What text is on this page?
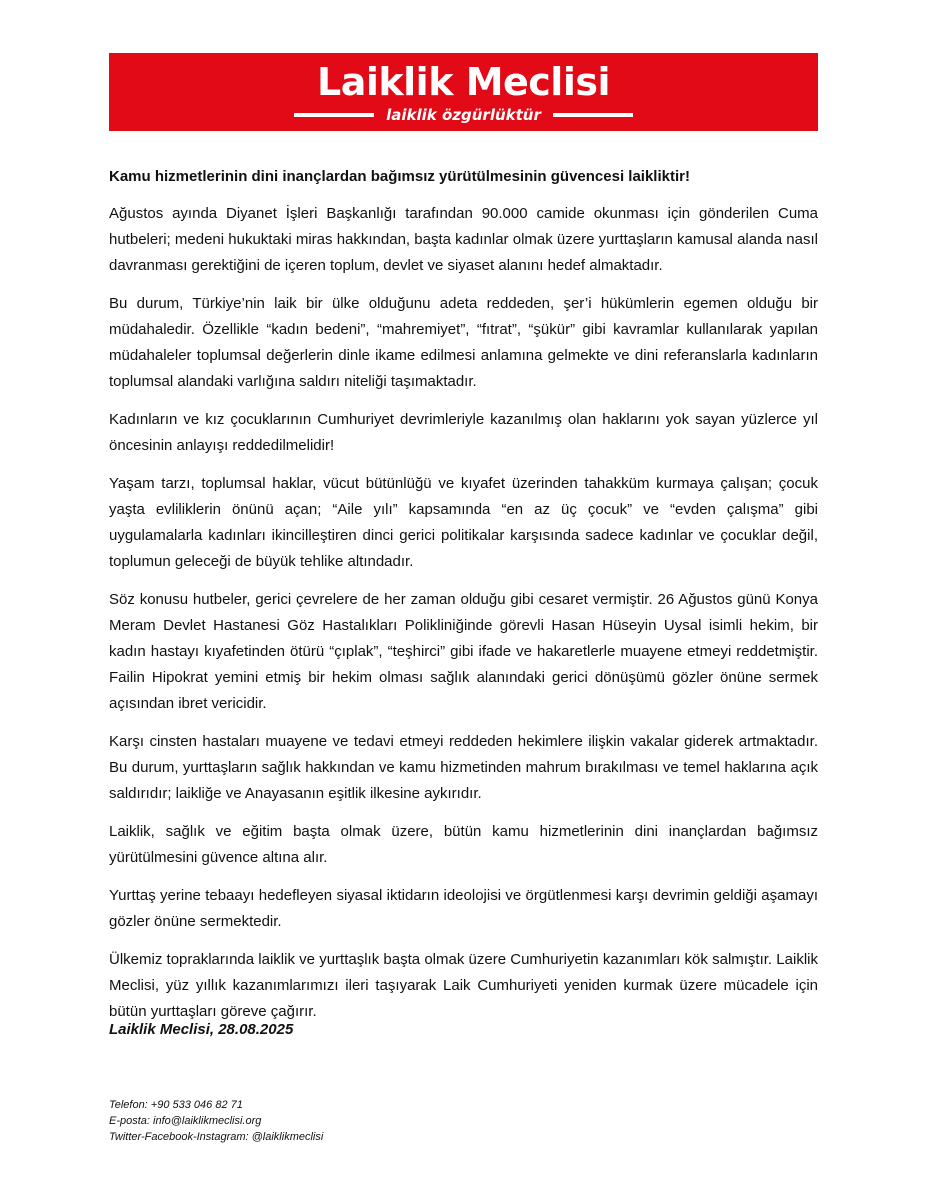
Laiklik Meclisi
laiklik özgürlüktür

Kamu hizmetlerinin dini inançlardan bağımsız yürütülmesinin güvencesi laikliktir!

Ağustos ayında Diyanet İşleri Başkanlığı tarafından 90.000 camide okunması için gönderilen Cuma hutbeleri; medeni hukuktaki miras hakkından, başta kadınlar olmak üzere yurttaşların kamusal alanda nasıl davranması gerektiğini de içeren toplum, devlet ve siyaset alanını hedef almaktadır.

Bu durum, Türkiye’nin laik bir ülke olduğunu adeta reddeden, şer’i hükümlerin egemen olduğu bir müdahaledir. Özellikle “kadın bedeni”, “mahremiyet”, “fıtrat”, “şükür” gibi kavramlar kullanılarak yapılan müdahaleler toplumsal değerlerin dinle ikame edilmesi anlamına gelmekte ve dini referanslarla kadınların toplumsal alandaki varlığına saldırı niteliği taşımaktadır.

Kadınların ve kız çocuklarının Cumhuriyet devrimleriyle kazanılmış olan haklarını yok sayan yüzlerce yıl öncesinin anlayışı reddedilmelidir!

Yaşam tarzı, toplumsal haklar, vücut bütünlüğü ve kıyafet üzerinden tahakküm kurmaya çalışan; çocuk yaşta evliliklerin önünü açan; “Aile yılı” kapsamında “en az üç çocuk” ve “evden çalışma” gibi uygulamalarla kadınları ikincilleştiren dinci gerici politikalar karşısında sadece kadınlar ve çocuklar değil, toplumun geleceği de büyük tehlike altındadır.

Söz konusu hutbeler, gerici çevrelere de her zaman olduğu gibi cesaret vermiştir. 26 Ağustos günü Konya Meram Devlet Hastanesi Göz Hastalıkları Polikliniğinde görevli Hasan Hüseyin Uysal isimli hekim, bir kadın hastayı kıyafetinden ötürü “çıplak”, “teşhirci” gibi ifade ve hakaretlerle muayene etmeyi reddetmiştir. Failin Hipokrat yemini etmiş bir hekim olması sağlık alanındaki gerici dönüşümü gözler önüne sermek açısından ibret vericidir.

Karşı cinsten hastaları muayene ve tedavi etmeyi reddeden hekimlere ilişkin vakalar giderek artmaktadır. Bu durum, yurttaşların sağlık hakkından ve kamu hizmetinden mahrum bırakılması ve temel haklarına açık saldırıdır; laikliğe ve Anayasanın eşitlik ilkesine aykırıdır.

Laiklik, sağlık ve eğitim başta olmak üzere, bütün kamu hizmetlerinin dini inançlardan bağımsız yürütülmesini güvence altına alır.

Yurttaş yerine tebaayı hedefleyen siyasal iktidarın ideolojisi ve örgütlenmesi karşı devrimin geldiği aşamayı gözler önüne sermektedir.

Ülkemiz topraklarında laiklik ve yurttaşlık başta olmak üzere Cumhuriyetin kazanımları kök salmıştır. Laiklik Meclisi, yüz yıllık kazanımlarımızı ileri taşıyarak Laik Cumhuriyeti yeniden kurmak üzere mücadele için bütün yurttaşları göreve çağırır.

Laiklik Meclisi, 28.08.2025
Telefon: +90 533 046 82 71
E-posta: info@laiklikmeclisi.org
Twitter-Facebook-Instagram: @laiklikmeclisi
